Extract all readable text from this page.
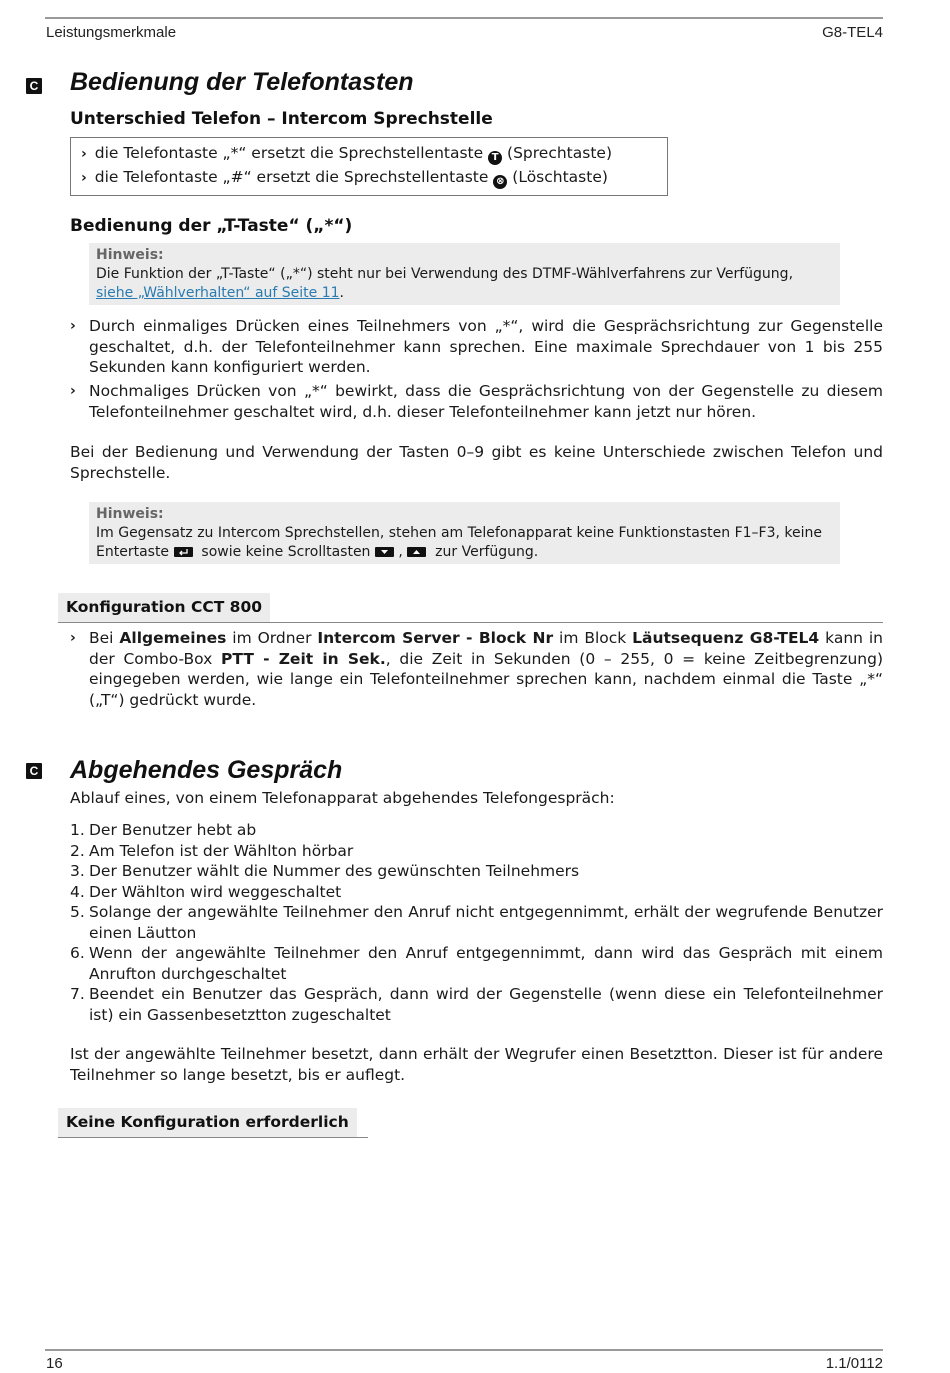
Leistungsmerkmale	G8-TEL4
C Bedienung der Telefontasten
Unterschied Telefon – Intercom Sprechstelle
› die Telefontaste „*“ ersetzt die Sprechstellentaste T (Sprechtaste)
› die Telefontaste „#“ ersetzt die Sprechstellentaste ⊗ (Löschtaste)
Bedienung der „T-Taste“ („*“)
Hinweis:
Die Funktion der „T-Taste“ („*“) steht nur bei Verwendung des DTMF-Wählverfahrens zur Verfügung,
siehe „Wählverhalten“ auf Seite 11.
› Durch einmaliges Drücken eines Teilnehmers von „*“, wird die Gesprächsrichtung zur Gegenstelle geschaltet, d.h. der Telefonteilnehmer kann sprechen. Eine maximale Sprechdauer von 1 bis 255 Sekunden kann konfiguriert werden.
› Nochmaliges Drücken von „*“ bewirkt, dass die Gesprächsrichtung von der Gegenstelle zu diesem Telefonteilnehmer geschaltet wird, d.h. dieser Telefonteilnehmer kann jetzt nur hören.
Bei der Bedienung und Verwendung der Tasten 0–9 gibt es keine Unterschiede zwischen Telefon und Sprechstelle.
Hinweis:
Im Gegensatz zu Intercom Sprechstellen, stehen am Telefonapparat keine Funktionstasten F1–F3, keine
Entertaste sowie keine Scrolltasten , zur Verfügung.
Konfiguration CCT 800
› Bei Allgemeines im Ordner Intercom Server - Block Nr im Block Läutsequenz G8-TEL4 kann in der Combo-Box PTT - Zeit in Sek., die Zeit in Sekunden (0 – 255, 0 = keine Zeitbegrenzung) eingegeben werden, wie lange ein Telefonteilnehmer sprechen kann, nachdem einmal die Taste „*“ („T“) gedrückt wurde.
C Abgehendes Gespräch
Ablauf eines, von einem Telefonapparat abgehendes Telefongespräch:
1. Der Benutzer hebt ab
2. Am Telefon ist der Wählton hörbar
3. Der Benutzer wählt die Nummer des gewünschten Teilnehmers
4. Der Wählton wird weggeschaltet
5. Solange der angewählte Teilnehmer den Anruf nicht entgegennimmt, erhält der wegrufende Benutzer einen Läutton
6. Wenn der angewählte Teilnehmer den Anruf entgegennimmt, dann wird das Gespräch mit einem Anrufton durchgeschaltet
7. Beendet ein Benutzer das Gespräch, dann wird der Gegenstelle (wenn diese ein Telefonteilnehmer ist) ein Gassenbesetztton zugeschaltet
Ist der angewählte Teilnehmer besetzt, dann erhält der Wegrufer einen Besetztton. Dieser ist für andere Teilnehmer so lange besetzt, bis er auflegt.
Keine Konfiguration erforderlich
16	1.1/0112
